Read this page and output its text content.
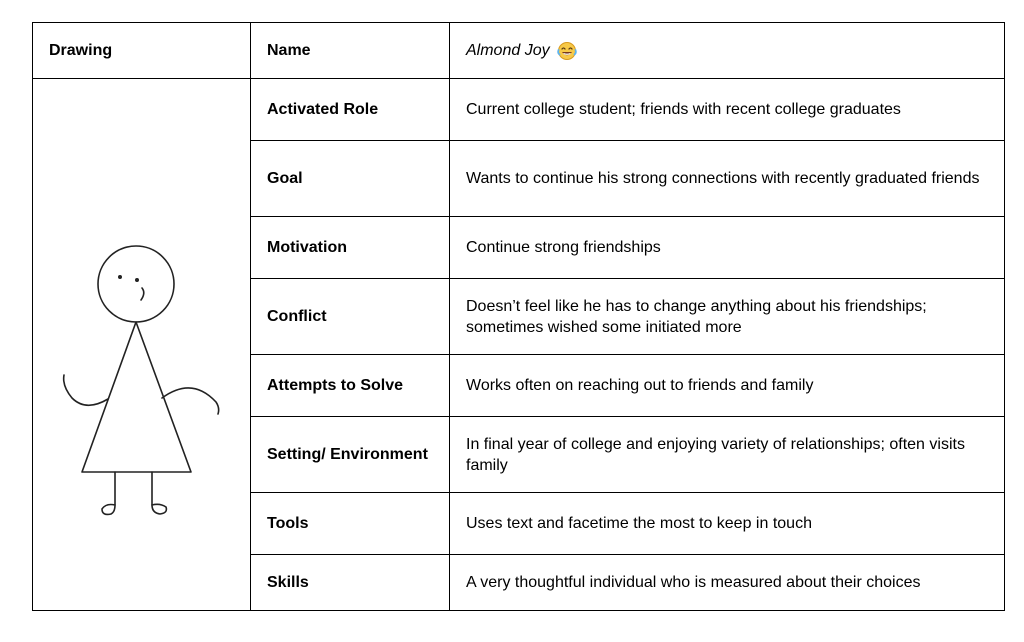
Drawing	Name	Almond Joy

	Activated Role	Current college student; friends with recent college graduates
	Goal	Wants to continue his strong connections with recently graduated friends
	Motivation	Continue strong friendships
	Conflict	Doesn’t feel like he has to change anything about his friendships; sometimes wished some initiated more
	Attempts to Solve	Works often on reaching out to friends and family
	Setting/ Environment	In final year of college and enjoying variety of relationships; often visits family
	Tools	Uses text and facetime the most to keep in touch
	Skills	A very thoughtful individual who is measured about their choices
